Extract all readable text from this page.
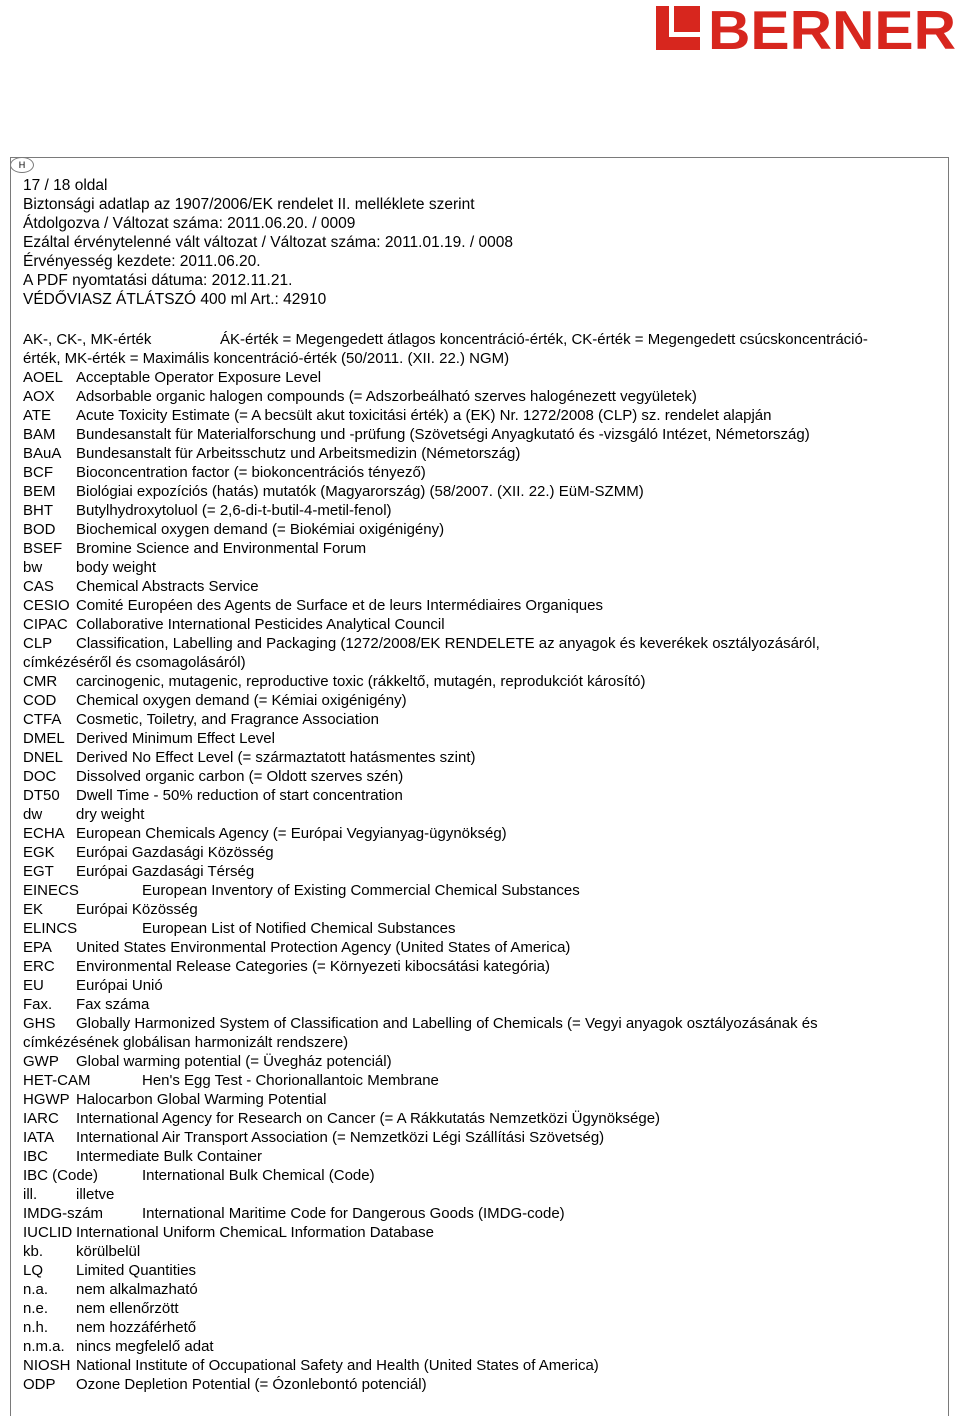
BERNER
H
17 / 18 oldal
Biztonsági adatlap az 1907/2006/EK rendelet II. melléklete szerint
Átdolgozva / Változat száma: 2011.06.20. / 0009
Ezáltal érvénytelenné vált változat / Változat száma: 2011.01.19. / 0008
Érvényesség kezdete: 2011.06.20.
A PDF nyomtatási dátuma: 2012.11.21.
VÉDŐVIASZ ÁTLÁTSZÓ 400 ml Art.: 42910
AK-, CK-, MK-érték	ÁK-érték = Megengedett átlagos koncentráció-érték, CK-érték = Megengedett csúcskoncentráció-
érték, MK-érték = Maximális koncentráció-érték (50/2011. (XII. 22.) NGM)
AOEL Acceptable Operator Exposure Level
AOX Adsorbable organic halogen compounds (= Adszorbeálható szerves halogénezett vegyületek)
ATE Acute Toxicity Estimate (= A becsült akut toxicitási érték) a (EK) Nr. 1272/2008 (CLP) sz. rendelet alapján
BAM Bundesanstalt für Materialforschung und -prüfung (Szövetségi Anyagkutató és -vizsgáló Intézet, Németország)
BAuA Bundesanstalt für Arbeitsschutz und Arbeitsmedizin (Németország)
BCF Bioconcentration factor (= biokoncentrációs tényező)
BEM Biológiai expozíciós (hatás) mutatók (Magyarország) (58/2007. (XII. 22.) EüM-SZMM)
BHT Butylhydroxytoluol (= 2,6-di-t-butil-4-metil-fenol)
BOD Biochemical oxygen demand (= Biokémiai oxigénigény)
BSEF Bromine Science and Environmental Forum
bw body weight
CAS Chemical Abstracts Service
CESIO Comité Européen des Agents de Surface et de leurs Intermédiaires Organiques
CIPAC Collaborative International Pesticides Analytical Council
CLP Classification, Labelling and Packaging (1272/2008/EK RENDELETE az anyagok és keverékek osztályozásáról,
címkézéséről és csomagolásáról)
CMR carcinogenic, mutagenic, reproductive toxic (rákkeltő, mutagén, reprodukciót károsító)
COD Chemical oxygen demand (= Kémiai oxigénigény)
CTFA Cosmetic, Toiletry, and Fragrance Association
DMEL Derived Minimum Effect Level
DNEL Derived No Effect Level (= származtatott hatásmentes szint)
DOC Dissolved organic carbon (= Oldott szerves szén)
DT50 Dwell Time - 50% reduction of start concentration
dw dry weight
ECHA European Chemicals Agency (= Európai Vegyianyag-ügynökség)
EGK Európai Gazdasági Közösség
EGT Európai Gazdasági Térség
EINECS	European Inventory of Existing Commercial Chemical Substances
EK Európai Közösség
ELINCS	European List of Notified Chemical Substances
EPA United States Environmental Protection Agency (United States of America)
ERC Environmental Release Categories (= Környezeti kibocsátási kategória)
EU Európai Unió
Fax. Fax száma
GHS Globally Harmonized System of Classification and Labelling of Chemicals (= Vegyi anyagok osztályozásának és
címkézésének globálisan harmonizált rendszere)
GWP Global warming potential (= Üvegház potenciál)
HET-CAM	Hen's Egg Test - Chorionallantoic Membrane
HGWP Halocarbon Global Warming Potential
IARC International Agency for Research on Cancer (= A Rákkutatás Nemzetközi Ügynöksége)
IATA International Air Transport Association (= Nemzetközi Légi Szállítási Szövetség)
IBC Intermediate Bulk Container
IBC (Code)	International Bulk Chemical (Code)
ill.	illetve
IMDG-szám	International Maritime Code for Dangerous Goods (IMDG-code)
IUCLID International Uniform ChemicaL Information Database
kb. körülbelül
LQ Limited Quantities
n.a. nem alkalmazható
n.e. nem ellenőrzött
n.h. nem hozzáférhető
n.m.a. nincs megfelelő adat
NIOSH National Institute of Occupational Safety and Health (United States of America)
ODP Ozone Depletion Potential (= Ózonlebontó potenciál)
